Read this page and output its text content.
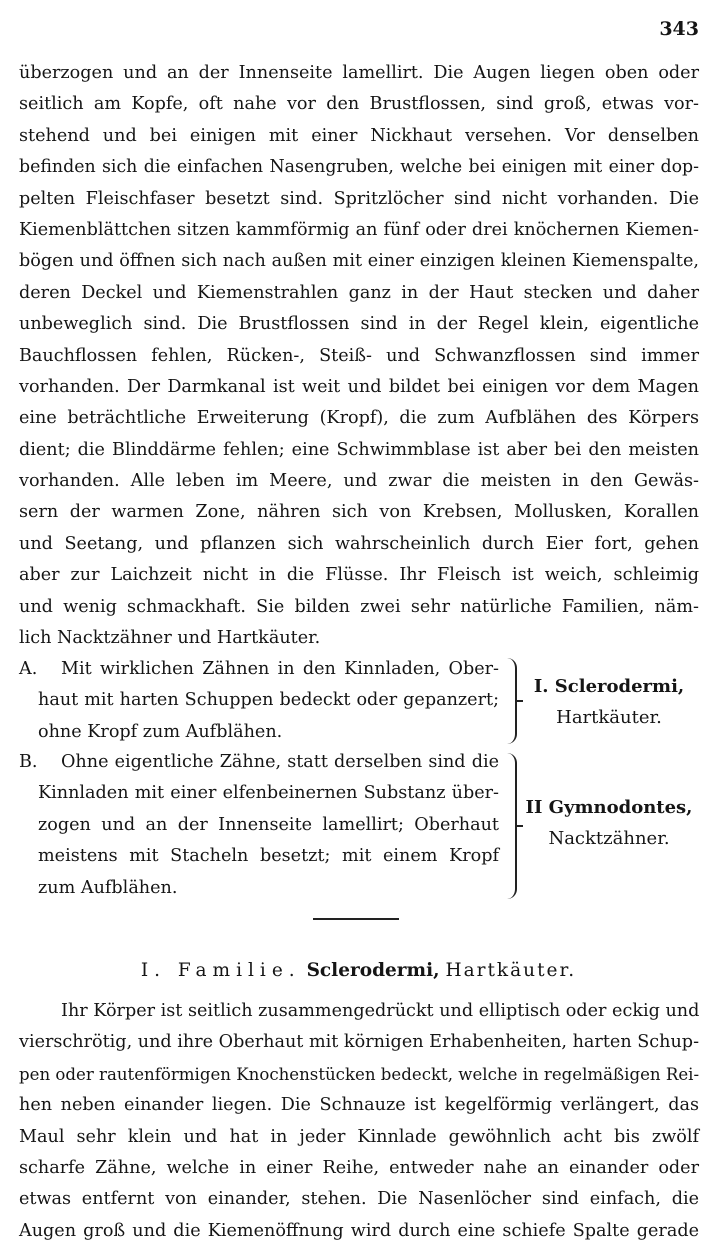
343
überzogen und an der Innenseite lamellirt. Die Augen liegen oben oder
seitlich am Kopfe, oft nahe vor den Brustflossen, sind groß, etwas vor-
stehend und bei einigen mit einer Nickhaut versehen. Vor denselben
befinden sich die einfachen Nasengruben, welche bei einigen mit einer dop-
pelten Fleischfaser besetzt sind. Spritzlöcher sind nicht vorhanden. Die
Kiemenblättchen sitzen kammförmig an fünf oder drei knöchernen Kiemen-
bögen und öffnen sich nach außen mit einer einzigen kleinen Kiemenspalte,
deren Deckel und Kiemenstrahlen ganz in der Haut stecken und daher
unbeweglich sind. Die Brustflossen sind in der Regel klein, eigentliche
Bauchflossen fehlen, Rücken-, Steiß- und Schwanzflossen sind immer
vorhanden. Der Darmkanal ist weit und bildet bei einigen vor dem Magen
eine beträchtliche Erweiterung (Kropf), die zum Aufblähen des Körpers
dient; die Blinddärme fehlen; eine Schwimmblase ist aber bei den meisten
vorhanden. Alle leben im Meere, und zwar die meisten in den Gewäs-
sern der warmen Zone, nähren sich von Krebsen, Mollusken, Korallen
und Seetang, und pflanzen sich wahrscheinlich durch Eier fort, gehen
aber zur Laichzeit nicht in die Flüsse. Ihr Fleisch ist weich, schleimig
und wenig schmackhaft. Sie bilden zwei sehr natürliche Familien, näm-
lich Nacktzähner und Hartkäuter.
A.	Mit wirklichen Zähnen in den Kinnladen, Ober-
haut mit harten Schuppen bedeckt oder gepanzert;
ohne Kropf zum Aufblähen.
I. Sclerodermi,
Hartkäuter.
B.	Ohne eigentliche Zähne, statt derselben sind die
Kinnladen mit einer elfenbeinernen Substanz über-
zogen und an der Innenseite lamellirt; Oberhaut
meistens mit Stacheln besetzt; mit einem Kropf
zum Aufblähen.
II Gymnodontes,
Nacktzähner.
I. Familie. Sclerodermi, Hartkäuter.
Ihr Körper ist seitlich zusammengedrückt und elliptisch oder eckig und
vierschrötig, und ihre Oberhaut mit körnigen Erhabenheiten, harten Schup-
pen oder rautenförmigen Knochenstücken bedeckt, welche in regelmäßigen Rei-
hen neben einander liegen. Die Schnauze ist kegelförmig verlängert, das
Maul sehr klein und hat in jeder Kinnlade gewöhnlich acht bis zwölf
scharfe Zähne, welche in einer Reihe, entweder nahe an einander oder
etwas entfernt von einander, stehen. Die Nasenlöcher sind einfach, die
Augen groß und die Kiemenöffnung wird durch eine schiefe Spalte gerade
